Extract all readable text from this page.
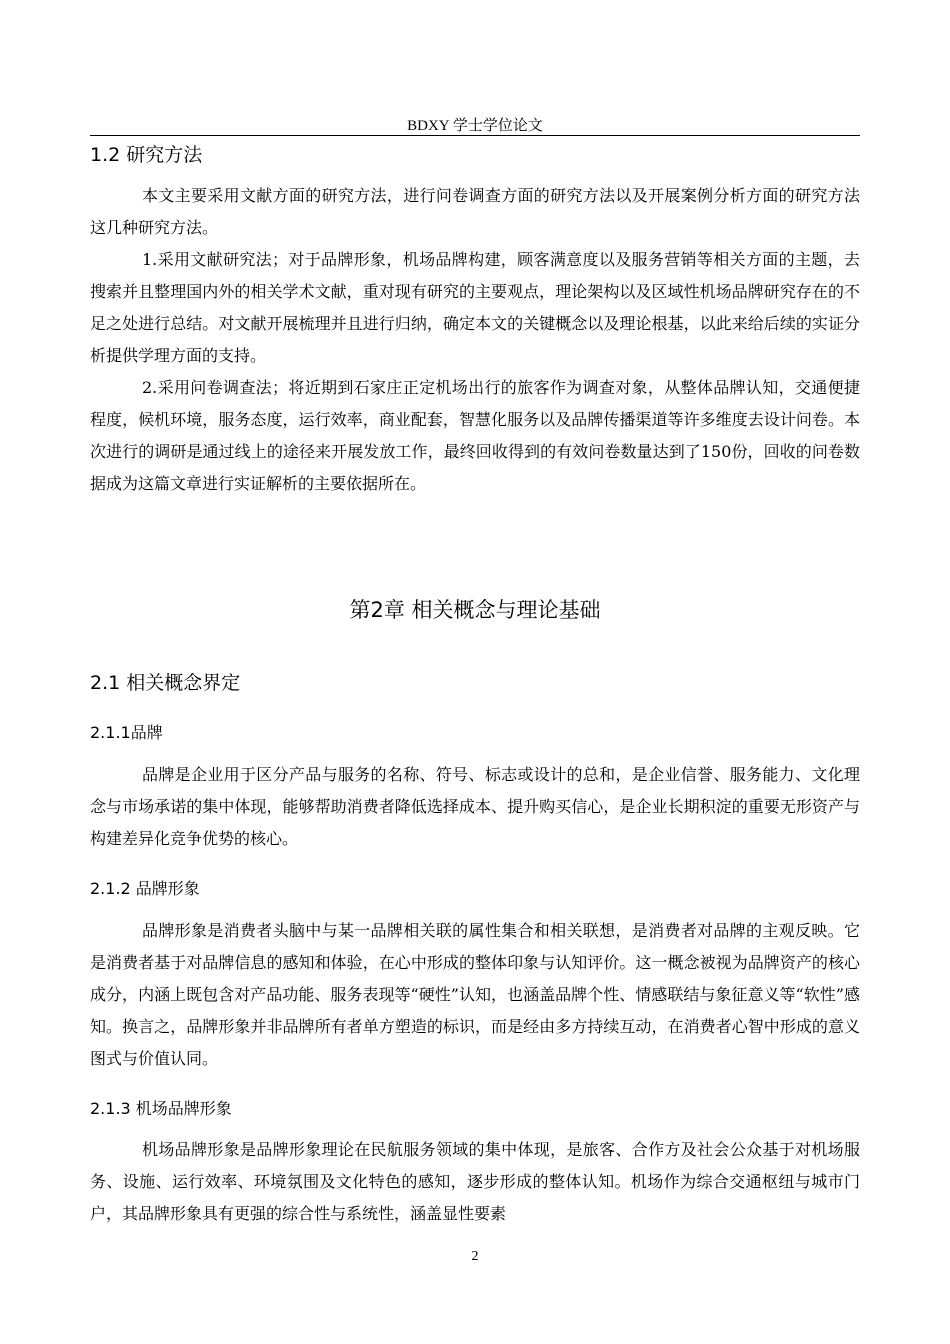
BDXY 学士学位论文
1.2 研究方法

本文主要采用文献方面的研究方法，进行问卷调查方面的研究方法以及开展案例分析方面的研究方法这几种研究方法。

1.采用文献研究法；对于品牌形象，机场品牌构建，顾客满意度以及服务营销等相关方面的主题，去搜索并且整理国内外的相关学术文献，重对现有研究的主要观点，理论架构以及区域性机场品牌研究存在的不足之处进行总结。对文献开展梳理并且进行归纳，确定本文的关键概念以及理论根基，以此来给后续的实证分析提供学理方面的支持。

2.采用问卷调查法；将近期到石家庄正定机场出行的旅客作为调查对象，从整体品牌认知，交通便捷程度，候机环境，服务态度，运行效率，商业配套，智慧化服务以及品牌传播渠道等许多维度去设计问卷。本次进行的调研是通过线上的途径来开展发放工作，最终回收得到的有效问卷数量达到了150份，回收的问卷数据成为这篇文章进行实证解析的主要依据所在。

第2章 相关概念与理论基础
2.1 相关概念界定
2.1.1品牌

品牌是企业用于区分产品与服务的名称、符号、标志或设计的总和，是企业信誉、服务能力、文化理念与市场承诺的集中体现，能够帮助消费者降低选择成本、提升购买信心，是企业长期积淀的重要无形资产与构建差异化竞争优势的核心。

2.1.2 品牌形象

品牌形象是消费者头脑中与某一品牌相关联的属性集合和相关联想，是消费者对品牌的主观反映。它是消费者基于对品牌信息的感知和体验，在心中形成的整体印象与认知评价。这一概念被视为品牌资产的核心成分，内涵上既包含对产品功能、服务表现等“硬性”认知，也涵盖品牌个性、情感联结与象征意义等“软性”感知。换言之，品牌形象并非品牌所有者单方塑造的标识，而是经由多方持续互动，在消费者心智中形成的意义图式与价值认同。

2.1.3 机场品牌形象

机场品牌形象是品牌形象理论在民航服务领域的集中体现，是旅客、合作方及社会公众基于对机场服务、设施、运行效率、环境氛围及文化特色的感知，逐步形成的整体认知。机场作为综合交通枢纽与城市门户，其品牌形象具有更强的综合性与系统性，涵盖显性要素

2
